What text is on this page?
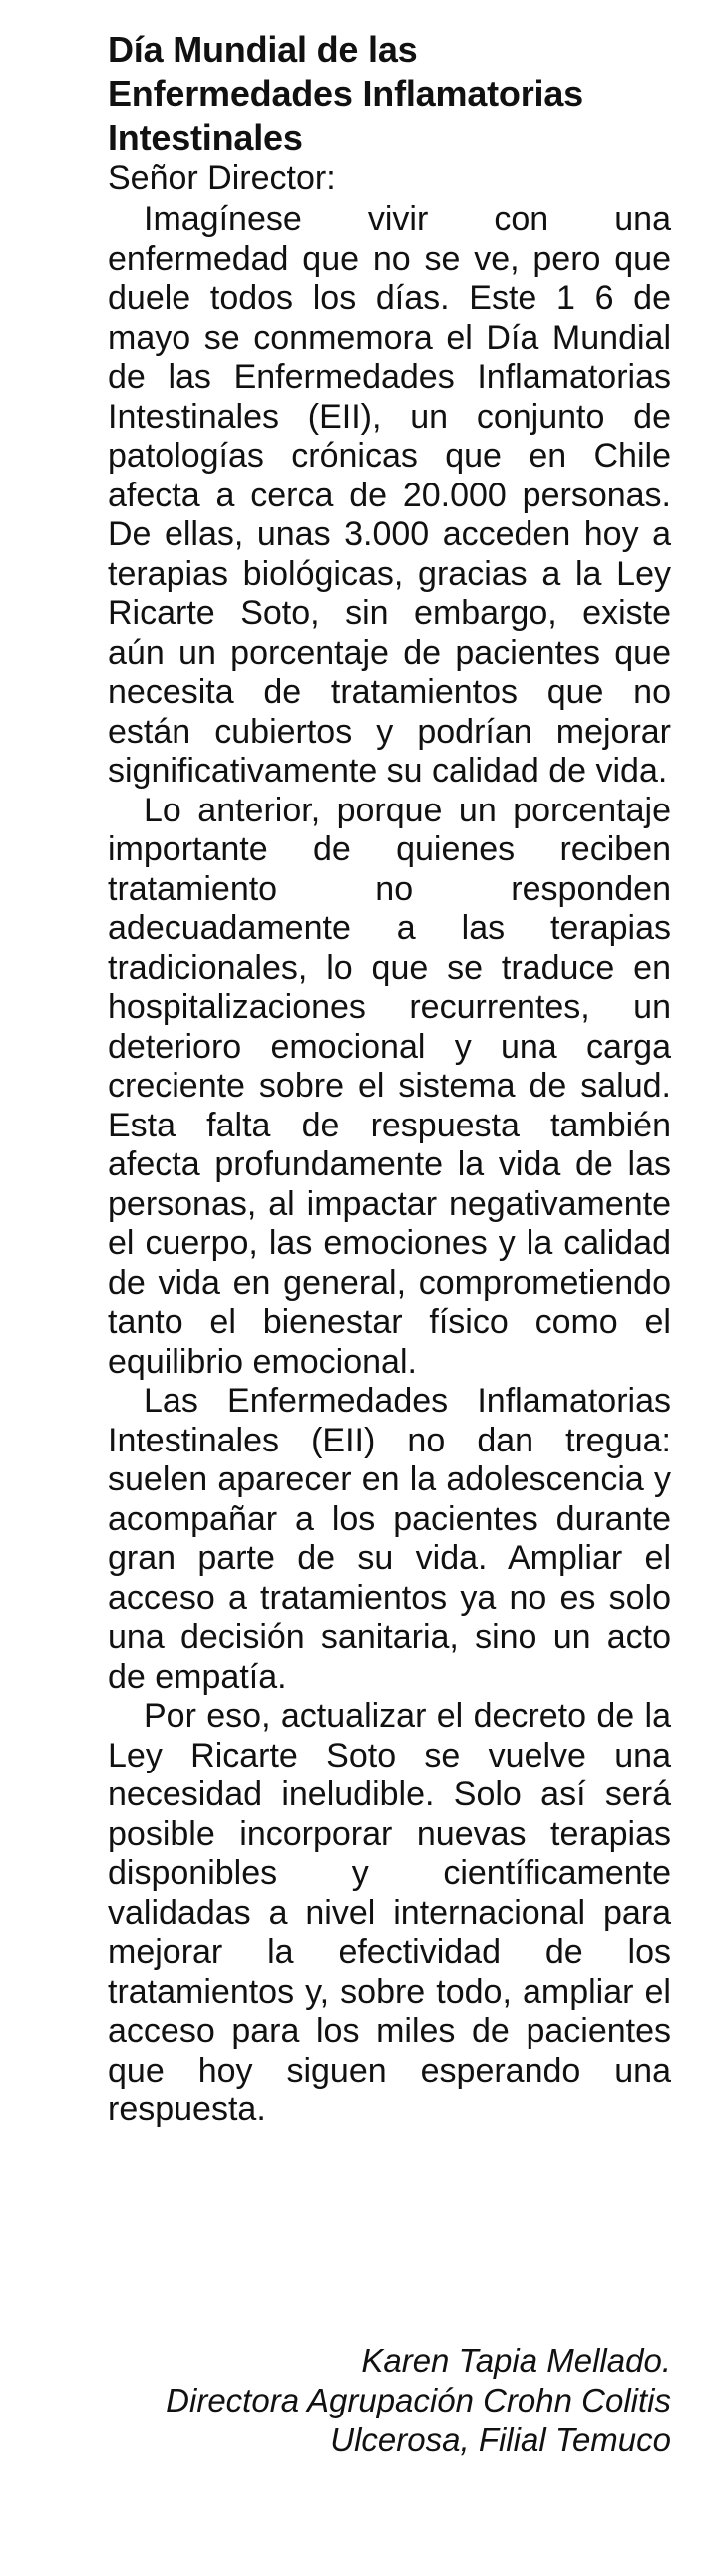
Día Mundial de las Enfermedades Inflamatorias Intestinales

Señor Director:

Imagínese vivir con una enfermedad que no se ve, pero que duele todos los días. Este 1 6 de mayo se conmemora el Día Mundial de las Enfermedades Inflamatorias Intestinales (EII), un conjunto de patologías crónicas que en Chile afecta a cerca de 20.000 personas. De ellas, unas 3.000 acceden hoy a terapias biológicas, gracias a la Ley Ricarte Soto, sin embargo, existe aún un porcentaje de pacientes que necesita de tratamientos que no están cubiertos y podrían mejorar significativamente su calidad de vida.

Lo anterior, porque un porcentaje importante de quienes reciben tratamiento no responden adecuadamente a las terapias tradicionales, lo que se traduce en hospitalizaciones recurrentes, un deterioro emocional y una carga creciente sobre el sistema de salud. Esta falta de respuesta también afecta profundamente la vida de las personas, al impactar negativamente el cuerpo, las emociones y la calidad de vida en general, comprometiendo tanto el bienestar físico como el equilibrio emocional.

Las Enfermedades Inflamatorias Intestinales (EII) no dan tregua: suelen aparecer en la adolescencia y acompañar a los pacientes durante gran parte de su vida. Ampliar el acceso a tratamientos ya no es solo una decisión sanitaria, sino un acto de empatía.

Por eso, actualizar el decreto de la Ley Ricarte Soto se vuelve una necesidad ineludible. Solo así será posible incorporar nuevas terapias disponibles y científicamente validadas a nivel internacional para mejorar la efectividad de los tratamientos y, sobre todo, ampliar el acceso para los miles de pacientes que hoy siguen esperando una respuesta.

Karen Tapia Mellado.
Directora Agrupación Crohn Colitis
Ulcerosa, Filial Temuco
